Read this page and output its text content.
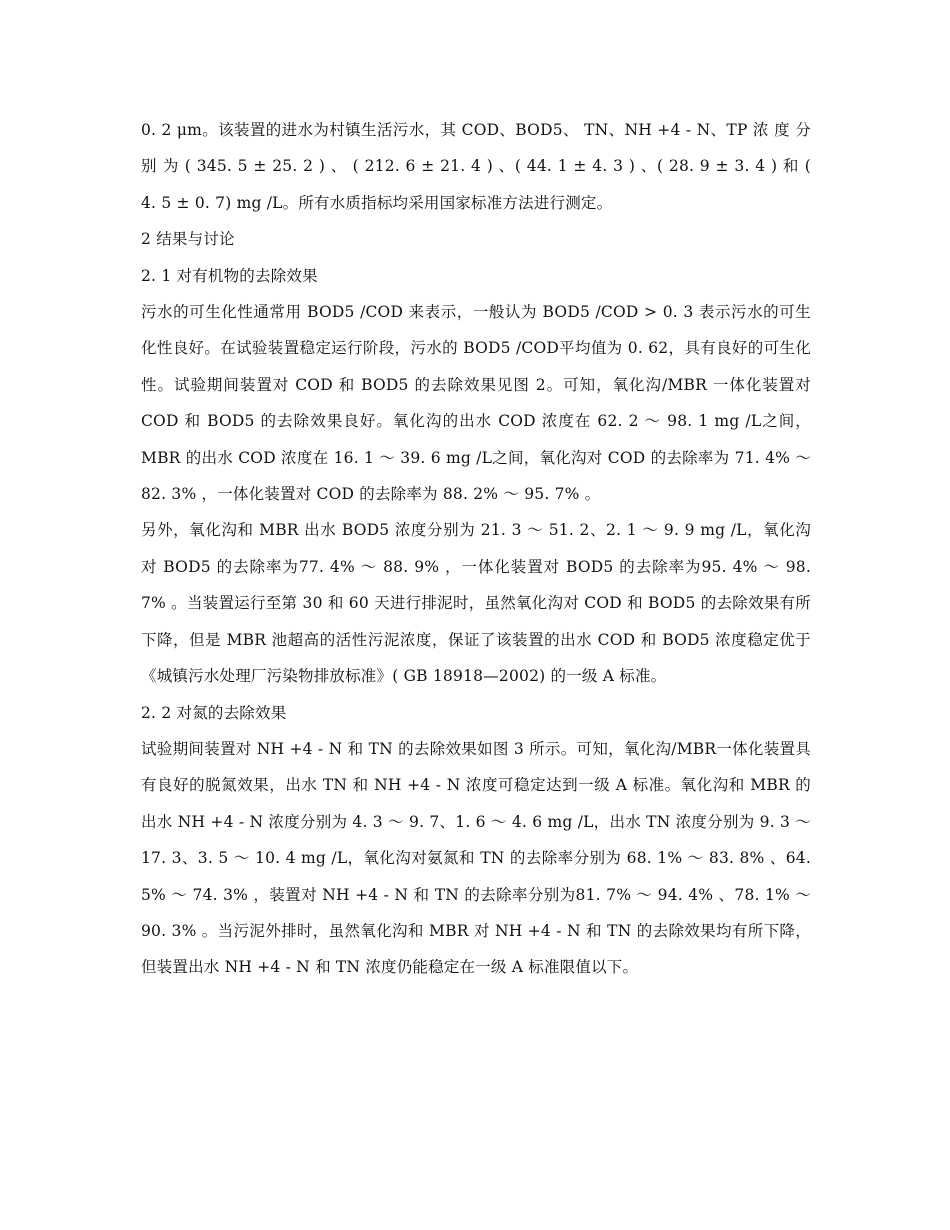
0. 2 μm。该装置的进水为村镇生活污水，其 COD、BOD5、 TN、NH +4 - N、TP 浓 度 分 别 为 ( 345. 5 ± 25. 2 ) 、 ( 212. 6 ± 21. 4 ) 、( 44. 1 ± 4. 3 ) 、( 28. 9 ± 3. 4 ) 和 ( 4. 5 ± 0. 7) mg /L。所有水质指标均采用国家标准方法进行测定。

2 结果与讨论
2. 1 对有机物的去除效果

污水的可生化性通常用 BOD5 /COD 来表示，一般认为 BOD5 /COD > 0. 3 表示污水的可生化性良好。在试验装置稳定运行阶段，污水的 BOD5 /COD平均值为 0. 62，具有良好的可生化性。试验期间装置对 COD 和 BOD5 的去除效果见图 2。可知，氧化沟/MBR 一体化装置对 COD 和 BOD5 的去除效果良好。氧化沟的出水 COD 浓度在 62. 2 ～ 98. 1 mg /L之间，MBR 的出水 COD 浓度在 16. 1 ～ 39. 6 mg /L之间，氧化沟对 COD 的去除率为 71. 4% ～ 82. 3% ，一体化装置对 COD 的去除率为 88. 2% ～ 95. 7% 。

另外，氧化沟和 MBR 出水 BOD5 浓度分别为 21. 3 ～ 51. 2、2. 1 ～ 9. 9 mg /L，氧化沟对 BOD5 的去除率为77. 4% ～ 88. 9% ，一体化装置对 BOD5 的去除率为95. 4% ～ 98. 7% 。当装置运行至第 30 和 60 天进行排泥时，虽然氧化沟对 COD 和 BOD5 的去除效果有所下降，但是 MBR 池超高的活性污泥浓度，保证了该装置的出水 COD 和 BOD5 浓度稳定优于《城镇污水处理厂污染物排放标准》( GB 18918—2002) 的一级 A 标准。

2. 2 对氮的去除效果

试验期间装置对 NH +4 - N 和 TN 的去除效果如图 3 所示。可知，氧化沟/MBR一体化装置具有良好的脱氮效果，出水 TN 和 NH +4 - N 浓度可稳定达到一级 A 标准。氧化沟和 MBR 的出水 NH +4 - N 浓度分别为 4. 3 ～ 9. 7、1. 6 ～ 4. 6 mg /L，出水 TN 浓度分别为 9. 3 ～ 17. 3、3. 5 ～ 10. 4 mg /L，氧化沟对氨氮和 TN 的去除率分别为 68. 1% ～ 83. 8% 、64. 5% ～ 74. 3% ，装置对 NH +4 - N 和 TN 的去除率分别为81. 7% ～ 94. 4% 、78. 1% ～ 90. 3% 。当污泥外排时，虽然氧化沟和 MBR 对 NH +4 - N 和 TN 的去除效果均有所下降，但装置出水 NH +4 - N 和 TN 浓度仍能稳定在一级 A 标准限值以下。
